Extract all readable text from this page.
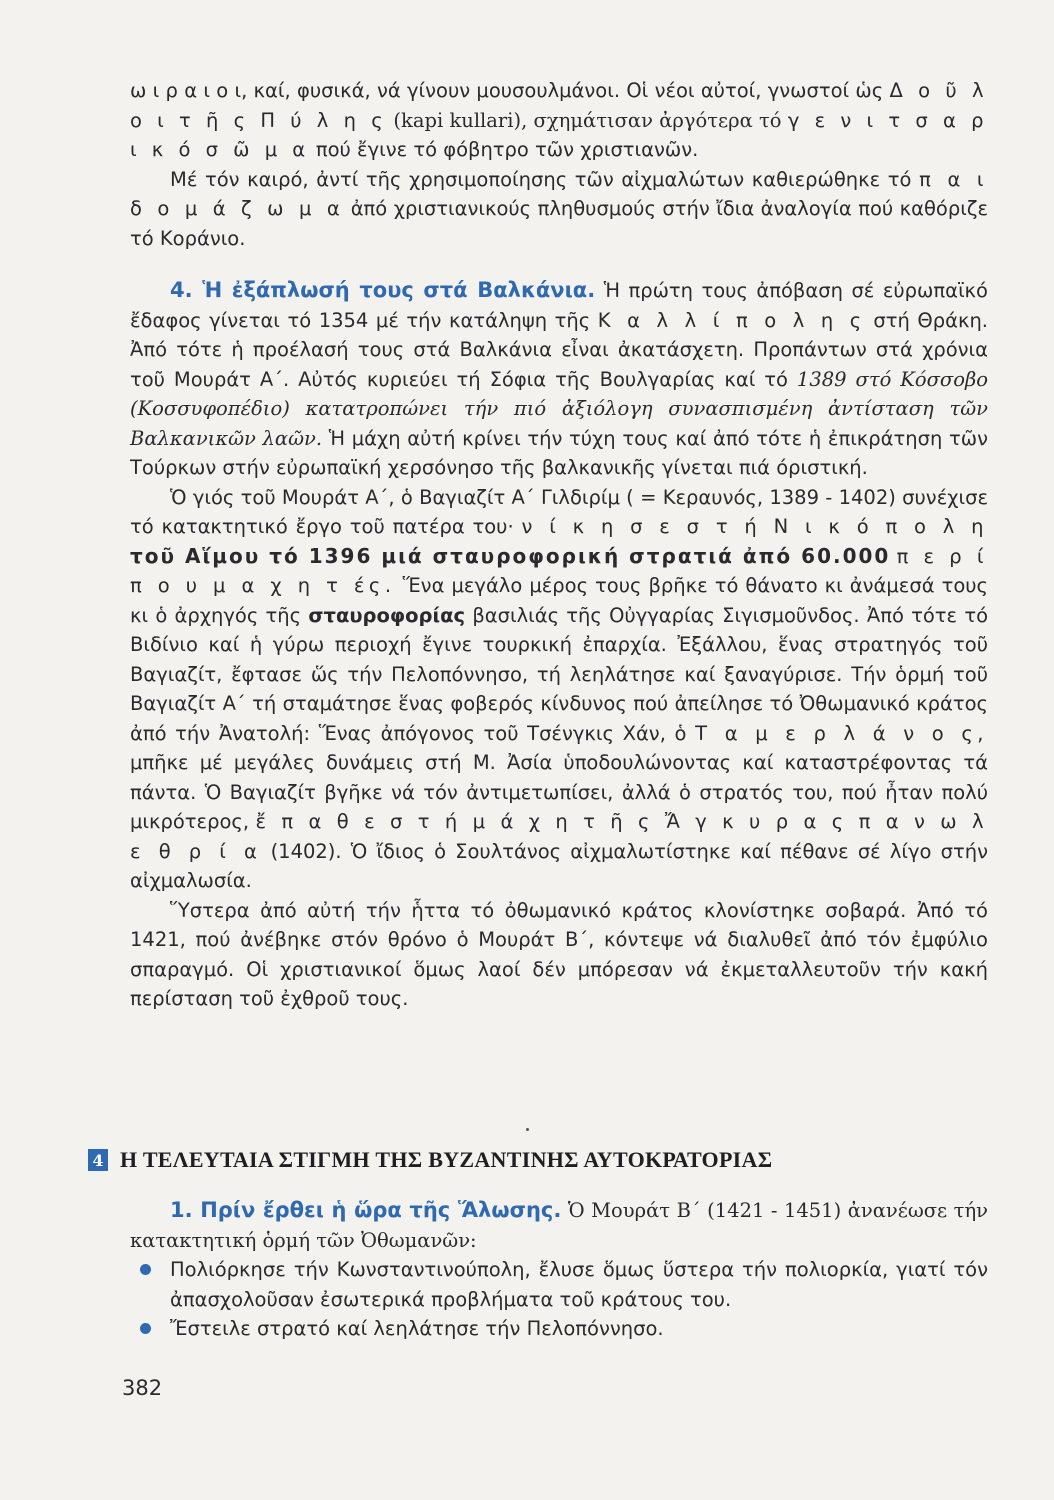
ω ι ρ α ι ο ι, καί, φυσικά, νά γίνουν μουσουλμάνοι. Οἱ νέοι αὐτοί, γνωστοί ὡς Δ ο ῦ λ ο ι τ ῆ ς Π ύ λ η ς (kapi kullari), σχημάτισαν ἀργότερα τό γ ε ν ι τ σ α ρ ι κ ό σ ῶ μ α πού ἔγινε τό φόβητρο τῶν χριστιανῶν.

Μέ τόν καιρό, ἀντί τῆς χρησιμοποίησης τῶν αἰχμαλώτων καθιερώθηκε τό π α ι δ ο μ ά ζ ω μ α ἀπό χριστιανικούς πληθυσμούς στήν ἴδια ἀναλογία πού καθόριζε τό Κοράνιο.

4. Ἡ ἐξάπλωσή τους στά Βαλκάνια. Ἡ πρώτη τους ἀπόβαση σέ εὐρωπαϊκό ἔδαφος γίνεται τό 1354 μέ τήν κατάληψη τῆς Κ α λ λ ί π ο λ η ς στή Θράκη. Ἀπό τότε ἡ προέλασή τους στά Βαλκάνια εἶναι ἀκατάσχετη. Προπάντων στά χρόνια τοῦ Μουράτ Α΄. Αὐτός κυριεύει τή Σόφια τῆς Βουλγαρίας καί τό 1389 στό Κόσσοβο (Κοσσυφοπέδιο) κατατροπώνει τήν πιό ἀξιόλογη συνασπισμένη ἀντίσταση τῶν Βαλκανικῶν λαῶν. Ἡ μάχη αὐτή κρίνει τήν τύχη τους καί ἀπό τότε ἡ ἐπικράτηση τῶν Τούρκων στήν εὐρωπαϊκή χερσόνησο τῆς βαλκανικῆς γίνεται πιά όριστική.

Ὁ γιός τοῦ Μουράτ Α΄, ὁ Βαγιαζίτ Α΄ Γιλδιρίμ ( = Κεραυνός, 1389 - 1402) συνέχισε τό κατακτητικό ἔργο τοῦ πατέρα του· ν ί κ η σ ε σ τ ή Ν ι κ ό π ο λ η τοῦ Αἵμου τό 1396 μιά σταυροφορική στρατιά ἀπό 60.000 π ε ρ ί π ο υ μ α χ η τ ές. Ἕνα μεγάλο μέρος τους βρῆκε τό θάνατο κι ἀνάμεσά τους κι ὁ ἀρχηγός τῆς σταυροφορίας βασιλιάς τῆς Οὐγγαρίας Σιγισμοῦνδος. Ἀπό τότε τό Βιδίνιο καί ἡ γύρω περιοχή ἔγινε τουρκική ἐπαρχία. Ἐξάλλου, ἕνας στρατηγός τοῦ Βαγιαζίτ, ἔφτασε ὥς τήν Πελοπόννησο, τή λεηλάτησε καί ξαναγύρισε. Τήν ὁρμή τοῦ Βαγιαζίτ Α΄ τή σταμάτησε ἕνας φοβερός κίνδυνος πού ἀπείλησε τό Ὀθωμανικό κράτος ἀπό τήν Ἀνατολή: Ἕνας ἀπόγονος τοῦ Τσένγκις Χάν, ὁ Τ α μ ε ρ λ ά ν ο ς, μπῆκε μέ μεγάλες δυνάμεις στή Μ. Ἀσία ὑποδουλώνοντας καί καταστρέφοντας τά πάντα. Ὁ Βαγιαζίτ βγῆκε νά τόν ἀντιμετωπίσει, ἀλλά ὁ στρατός του, πού ἦταν πολύ μικρότερος, ἔ π α θ ε σ τ ή μ ά χ η τ ῆ ς Ἄ γ κ υ ρ α ς π α ν ω λ ε θ ρ ί α (1402). Ὁ ἴδιος ὁ Σουλτάνος αἰχμαλωτίστηκε καί πέθανε σέ λίγο στήν αἰχμαλωσία.

Ὕστερα ἀπό αὐτή τήν ἧττα τό ὀθωμανικό κράτος κλονίστηκε σοβαρά. Ἀπό τό 1421, πού ἀνέβηκε στόν θρόνο ὁ Μουράτ Β΄, κόντεψε νά διαλυθεῖ ἀπό τόν ἐμφύλιο σπαραγμό. Οἱ χριστιανικοί ὅμως λαοί δέν μπόρεσαν νά ἐκμεταλλευτοῦν τήν κακή περίσταση τοῦ ἐχθροῦ τους.

4 Η ΤΕΛΕΥΤΑΙΑ ΣΤΙΓΜΗ ΤΗΣ ΒΥΖΑΝΤΙΝΗΣ ΑΥΤΟΚΡΑΤΟΡΙΑΣ

1. Πρίν ἔρθει ἡ ὥρα τῆς Ἅλωσης. Ὁ Μουράτ Β΄ (1421 - 1451) ἀνανέωσε τήν κατακτητική ὁρμή τῶν Ὀθωμανῶν:

Πολιόρκησε τήν Κωνσταντινούπολη, ἔλυσε ὅμως ὕστερα τήν πολιορκία, γιατί τόν ἀπασχολοῦσαν ἐσωτερικά προβλήματα τοῦ κράτους του.

Ἔστειλε στρατό καί λεηλάτησε τήν Πελοπόννησο.

382
